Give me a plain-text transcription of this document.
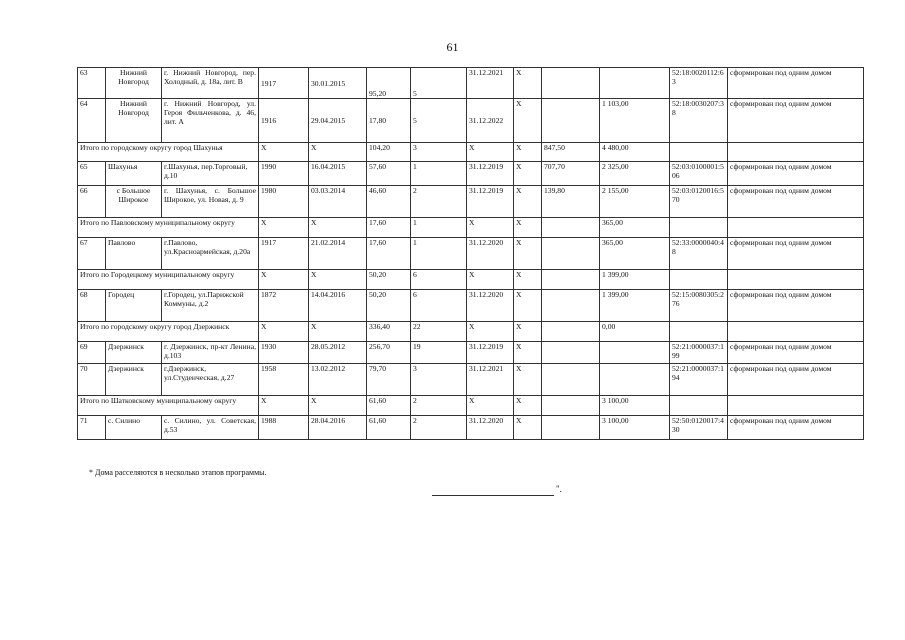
61
63	Нижний Новгород	г. Нижний Новгород, пер. Холодный, д. 18а, лит. В	1917	30.01.2015	95,20	5	31.12.2021	X			52:18:0020112:63	сформирован под одним домом
64	Нижний Новгород	г. Нижний Новгород, ул. Героя Фильченкова, д. 46, лит. А	1916	29.04.2015	17,80	5	31.12.2022	X		1 103,00	52:18:0030207:38	сформирован под одним домом
Итого по городскому округу город Шахунья			X	X	104,20	3	X	X	847,50	4 480,00		
65	Шахунья	г.Шахунья, пер.Торговый, д.10	1990	16.04.2015	57,60	1	31.12.2019	X	707,70	2 325,00	52:03:0100001:506	сформирован под одним домом
66	с Большое Широкое	г. Шахунья, с. Большое Широкое, ул. Новая, д. 9	1980	03.03.2014	46,60	2	31.12.2019	X	139,80	2 155,00	52:03:0120016:570	сформирован под одним домом
Итого по Павловскому муниципальному округу			X	X	17,60	1	X	X		365,00		
67	Павлово	г.Павлово, ул.Красноармейская, д.20а	1917	21.02.2014	17,60	1	31.12.2020	X		365,00	52:33:0000040:48	сформирован под одним домом
Итого по Городецкому муниципальному округу			X	X	50,20	6	X	X		1 399,00		
68	Городец	г.Городец, ул.Парижской Коммуны, д.2	1872	14.04.2016	50,20	6	31.12.2020	X		1 399,00	52:15:0080305:276	сформирован под одним домом
Итого по городскому округу город Дзержинск			X	X	336,40	22	X	X		0,00		
69	Дзержинск	г. Дзержинск, пр-кт Ленина, д.103	1930	28.05.2012	256,70	19	31.12.2019	X			52:21:0000037:199	сформирован под одним домом
70	Дзержинск	г.Дзержинск, ул.Студенческая, д.27	1958	13.02.2012	79,70	3	31.12.2021	X			52:21:0000037:194	сформирован под одним домом
Итого по Шатковскому муниципальному округу			X	X	61,60	2	X	X		3 100,00		
71	с. Силино	с. Силино, ул. Советская, д.53	1988	28.04.2016	61,60	2	31.12.2020	X		3 100,00	52:50:0120017:430	сформирован под одним домом
* Дома расселяются в несколько этапов программы.
".
